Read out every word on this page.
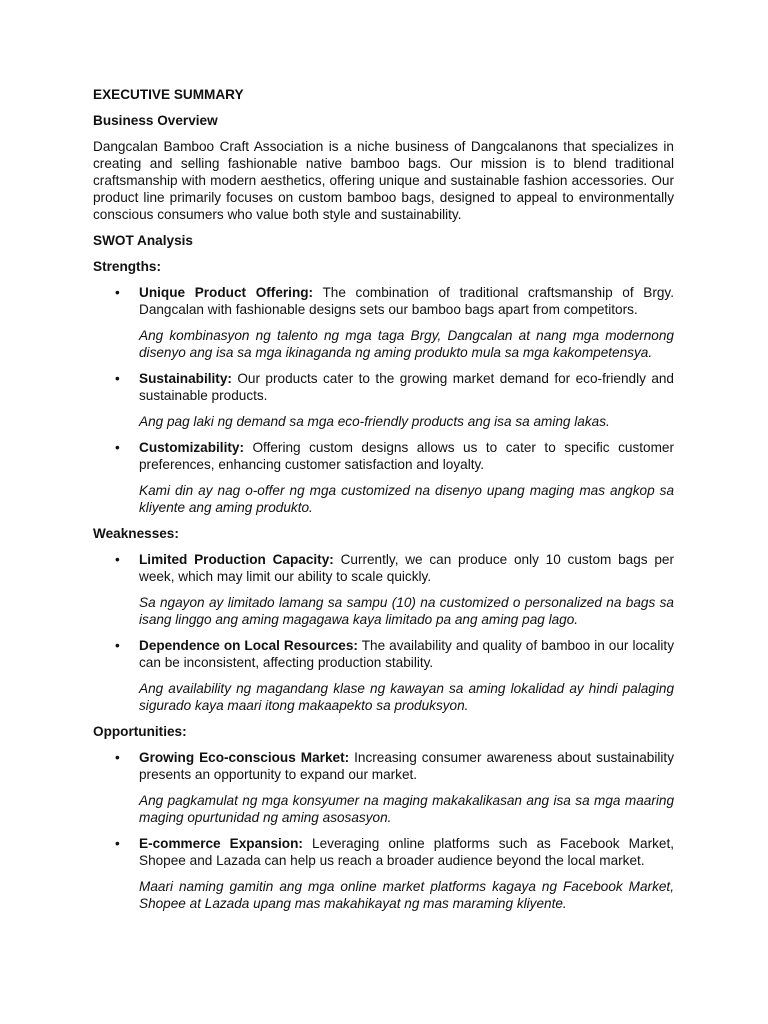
EXECUTIVE SUMMARY

Business Overview

Dangcalan Bamboo Craft Association is a niche business of Dangcalanons that specializes in creating and selling fashionable native bamboo bags. Our mission is to blend traditional craftsmanship with modern aesthetics, offering unique and sustainable fashion accessories. Our product line primarily focuses on custom bamboo bags, designed to appeal to environmentally conscious consumers who value both style and sustainability.

SWOT Analysis

Strengths:

• Unique Product Offering: The combination of traditional craftsmanship of Brgy. Dangcalan with fashionable designs sets our bamboo bags apart from competitors.

Ang kombinasyon ng talento ng mga taga Brgy, Dangcalan at nang mga modernong disenyo ang isa sa mga ikinaganda ng aming produkto mula sa mga kakompetensya.

• Sustainability: Our products cater to the growing market demand for eco-friendly and sustainable products.

Ang pag laki ng demand sa mga eco-friendly products ang isa sa aming lakas.

• Customizability: Offering custom designs allows us to cater to specific customer preferences, enhancing customer satisfaction and loyalty.

Kami din ay nag o-offer ng mga customized na disenyo upang maging mas angkop sa kliyente ang aming produkto.

Weaknesses:

• Limited Production Capacity: Currently, we can produce only 10 custom bags per week, which may limit our ability to scale quickly.

Sa ngayon ay limitado lamang sa sampu (10) na customized o personalized na bags sa isang linggo ang aming magagawa kaya limitado pa ang aming pag lago.

• Dependence on Local Resources: The availability and quality of bamboo in our locality can be inconsistent, affecting production stability.

Ang availability ng magandang klase ng kawayan sa aming lokalidad ay hindi palaging sigurado kaya maari itong makaapekto sa produksyon.

Opportunities:

• Growing Eco-conscious Market: Increasing consumer awareness about sustainability presents an opportunity to expand our market.

Ang pagkamulat ng mga konsyumer na maging makakalikasan ang isa sa mga maaring maging opurtunidad ng aming asosasyon.

• E-commerce Expansion: Leveraging online platforms such as Facebook Market, Shopee and Lazada can help us reach a broader audience beyond the local market.

Maari naming gamitin ang mga online market platforms kagaya ng Facebook Market, Shopee at Lazada upang mas makahikayat ng mas maraming kliyente.
